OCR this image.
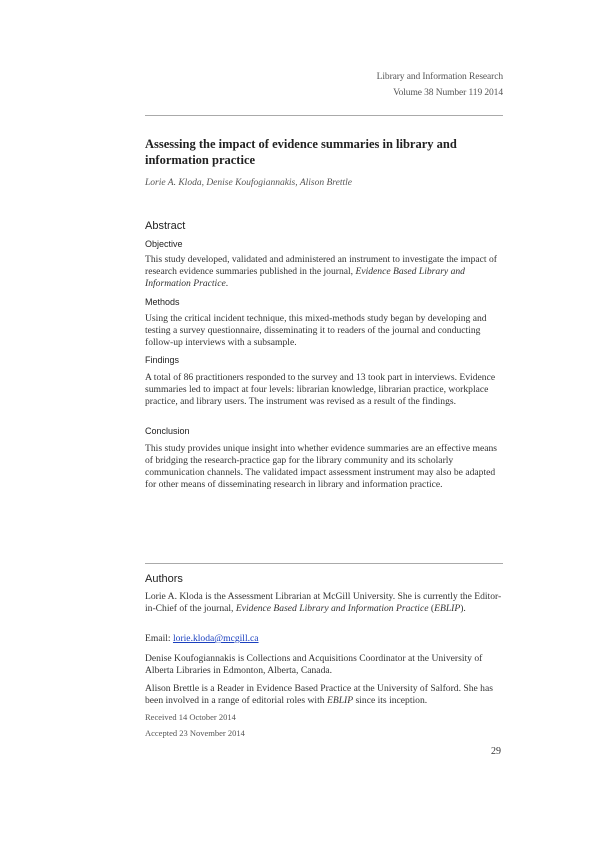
Library and Information Research
Volume 38 Number 119 2014
Assessing the impact of evidence summaries in library and information practice
Lorie A. Kloda, Denise Koufogiannakis, Alison Brettle
Abstract
Objective
This study developed, validated and administered an instrument to investigate the impact of research evidence summaries published in the journal, Evidence Based Library and Information Practice.
Methods
Using the critical incident technique, this mixed-methods study began by developing and testing a survey questionnaire, disseminating it to readers of the journal and conducting follow-up interviews with a subsample.
Findings
A total of 86 practitioners responded to the survey and 13 took part in interviews. Evidence summaries led to impact at four levels: librarian knowledge, librarian practice, workplace practice, and library users. The instrument was revised as a result of the findings.
Conclusion
This study provides unique insight into whether evidence summaries are an effective means of bridging the research-practice gap for the library community and its scholarly communication channels. The validated impact assessment instrument may also be adapted for other means of disseminating research in library and information practice.
Authors
Lorie A. Kloda is the Assessment Librarian at McGill University. She is currently the Editor-in-Chief of the journal, Evidence Based Library and Information Practice (EBLIP).
Email: lorie.kloda@mcgill.ca
Denise Koufogiannakis is Collections and Acquisitions Coordinator at the University of Alberta Libraries in Edmonton, Alberta, Canada.
Alison Brettle is a Reader in Evidence Based Practice at the University of Salford. She has been involved in a range of editorial roles with EBLIP since its inception.
Received 14 October 2014
Accepted 23 November 2014
29
